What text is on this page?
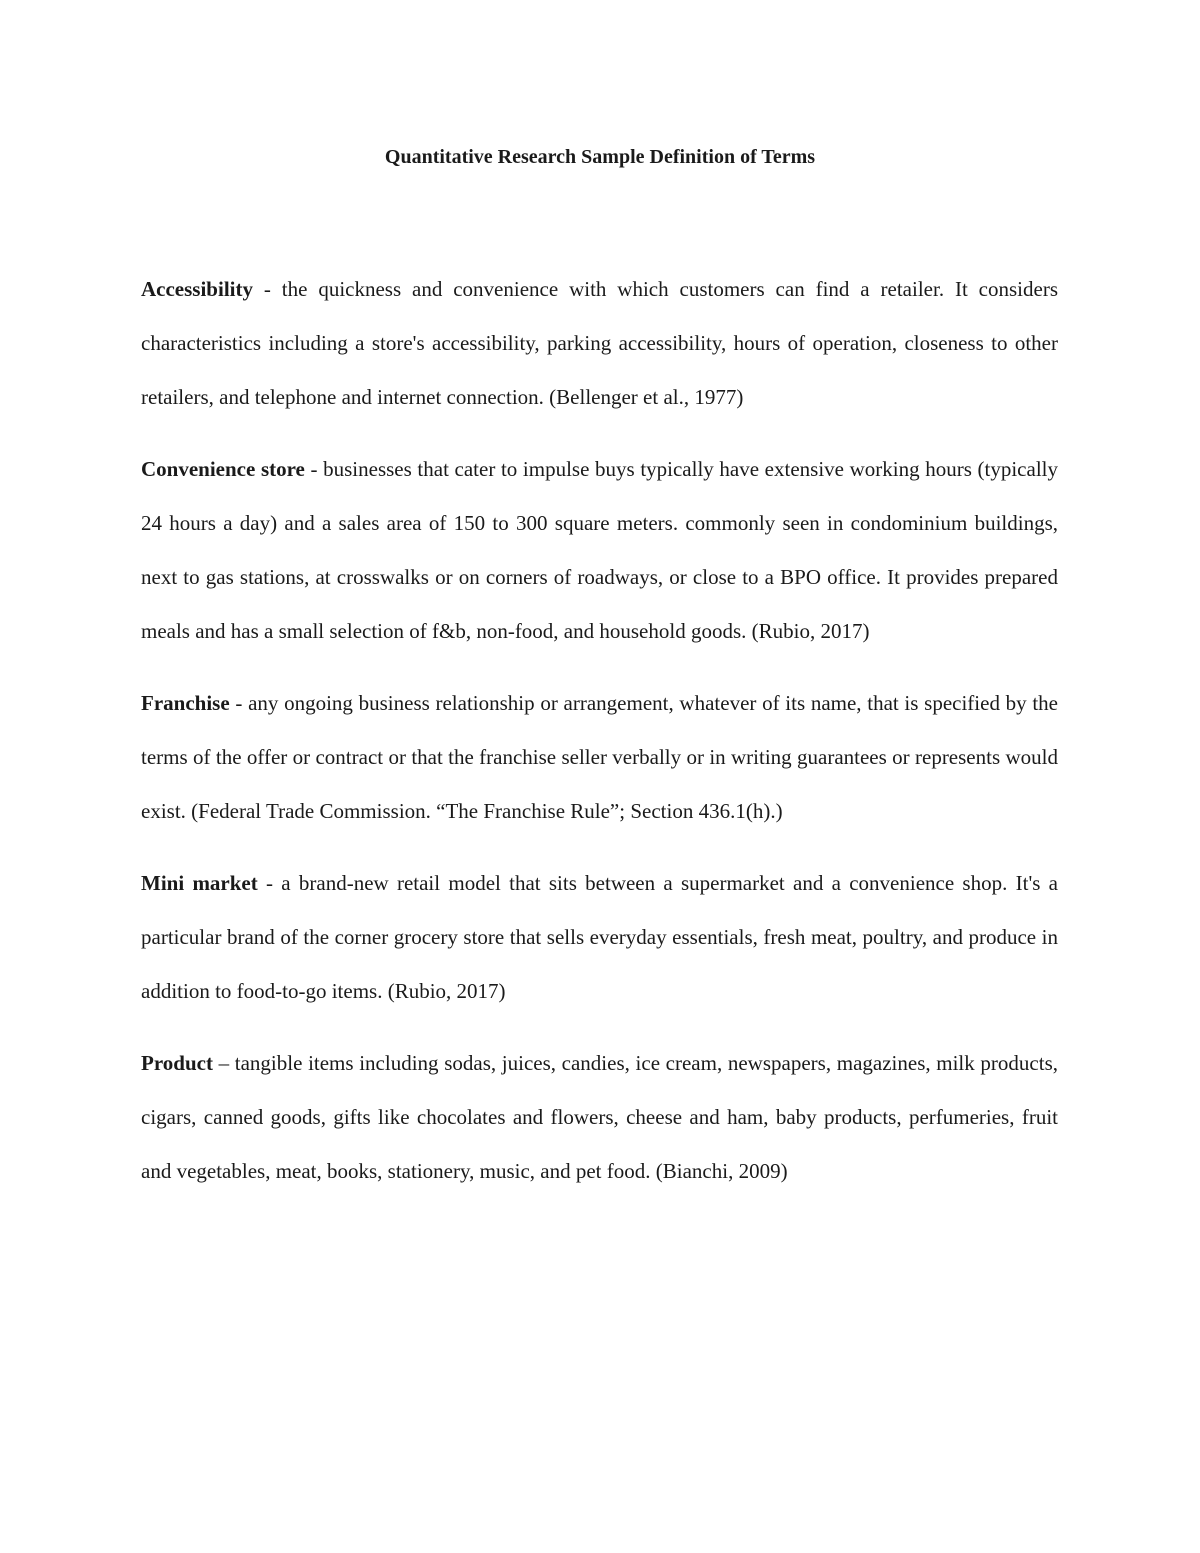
Quantitative Research Sample Definition of Terms

Accessibility - the quickness and convenience with which customers can find a retailer. It considers characteristics including a store's accessibility, parking accessibility, hours of operation, closeness to other retailers, and telephone and internet connection. (Bellenger et al., 1977)

Convenience store - businesses that cater to impulse buys typically have extensive working hours (typically 24 hours a day) and a sales area of 150 to 300 square meters. commonly seen in condominium buildings, next to gas stations, at crosswalks or on corners of roadways, or close to a BPO office. It provides prepared meals and has a small selection of f&b, non-food, and household goods. (Rubio, 2017)

Franchise - any ongoing business relationship or arrangement, whatever of its name, that is specified by the terms of the offer or contract or that the franchise seller verbally or in writing guarantees or represents would exist. (Federal Trade Commission. “The Franchise Rule”; Section 436.1(h).)

Mini market - a brand-new retail model that sits between a supermarket and a convenience shop. It's a particular brand of the corner grocery store that sells everyday essentials, fresh meat, poultry, and produce in addition to food-to-go items. (Rubio, 2017)

Product – tangible items including sodas, juices, candies, ice cream, newspapers, magazines, milk products, cigars, canned goods, gifts like chocolates and flowers, cheese and ham, baby products, perfumeries, fruit and vegetables, meat, books, stationery, music, and pet food. (Bianchi, 2009)
